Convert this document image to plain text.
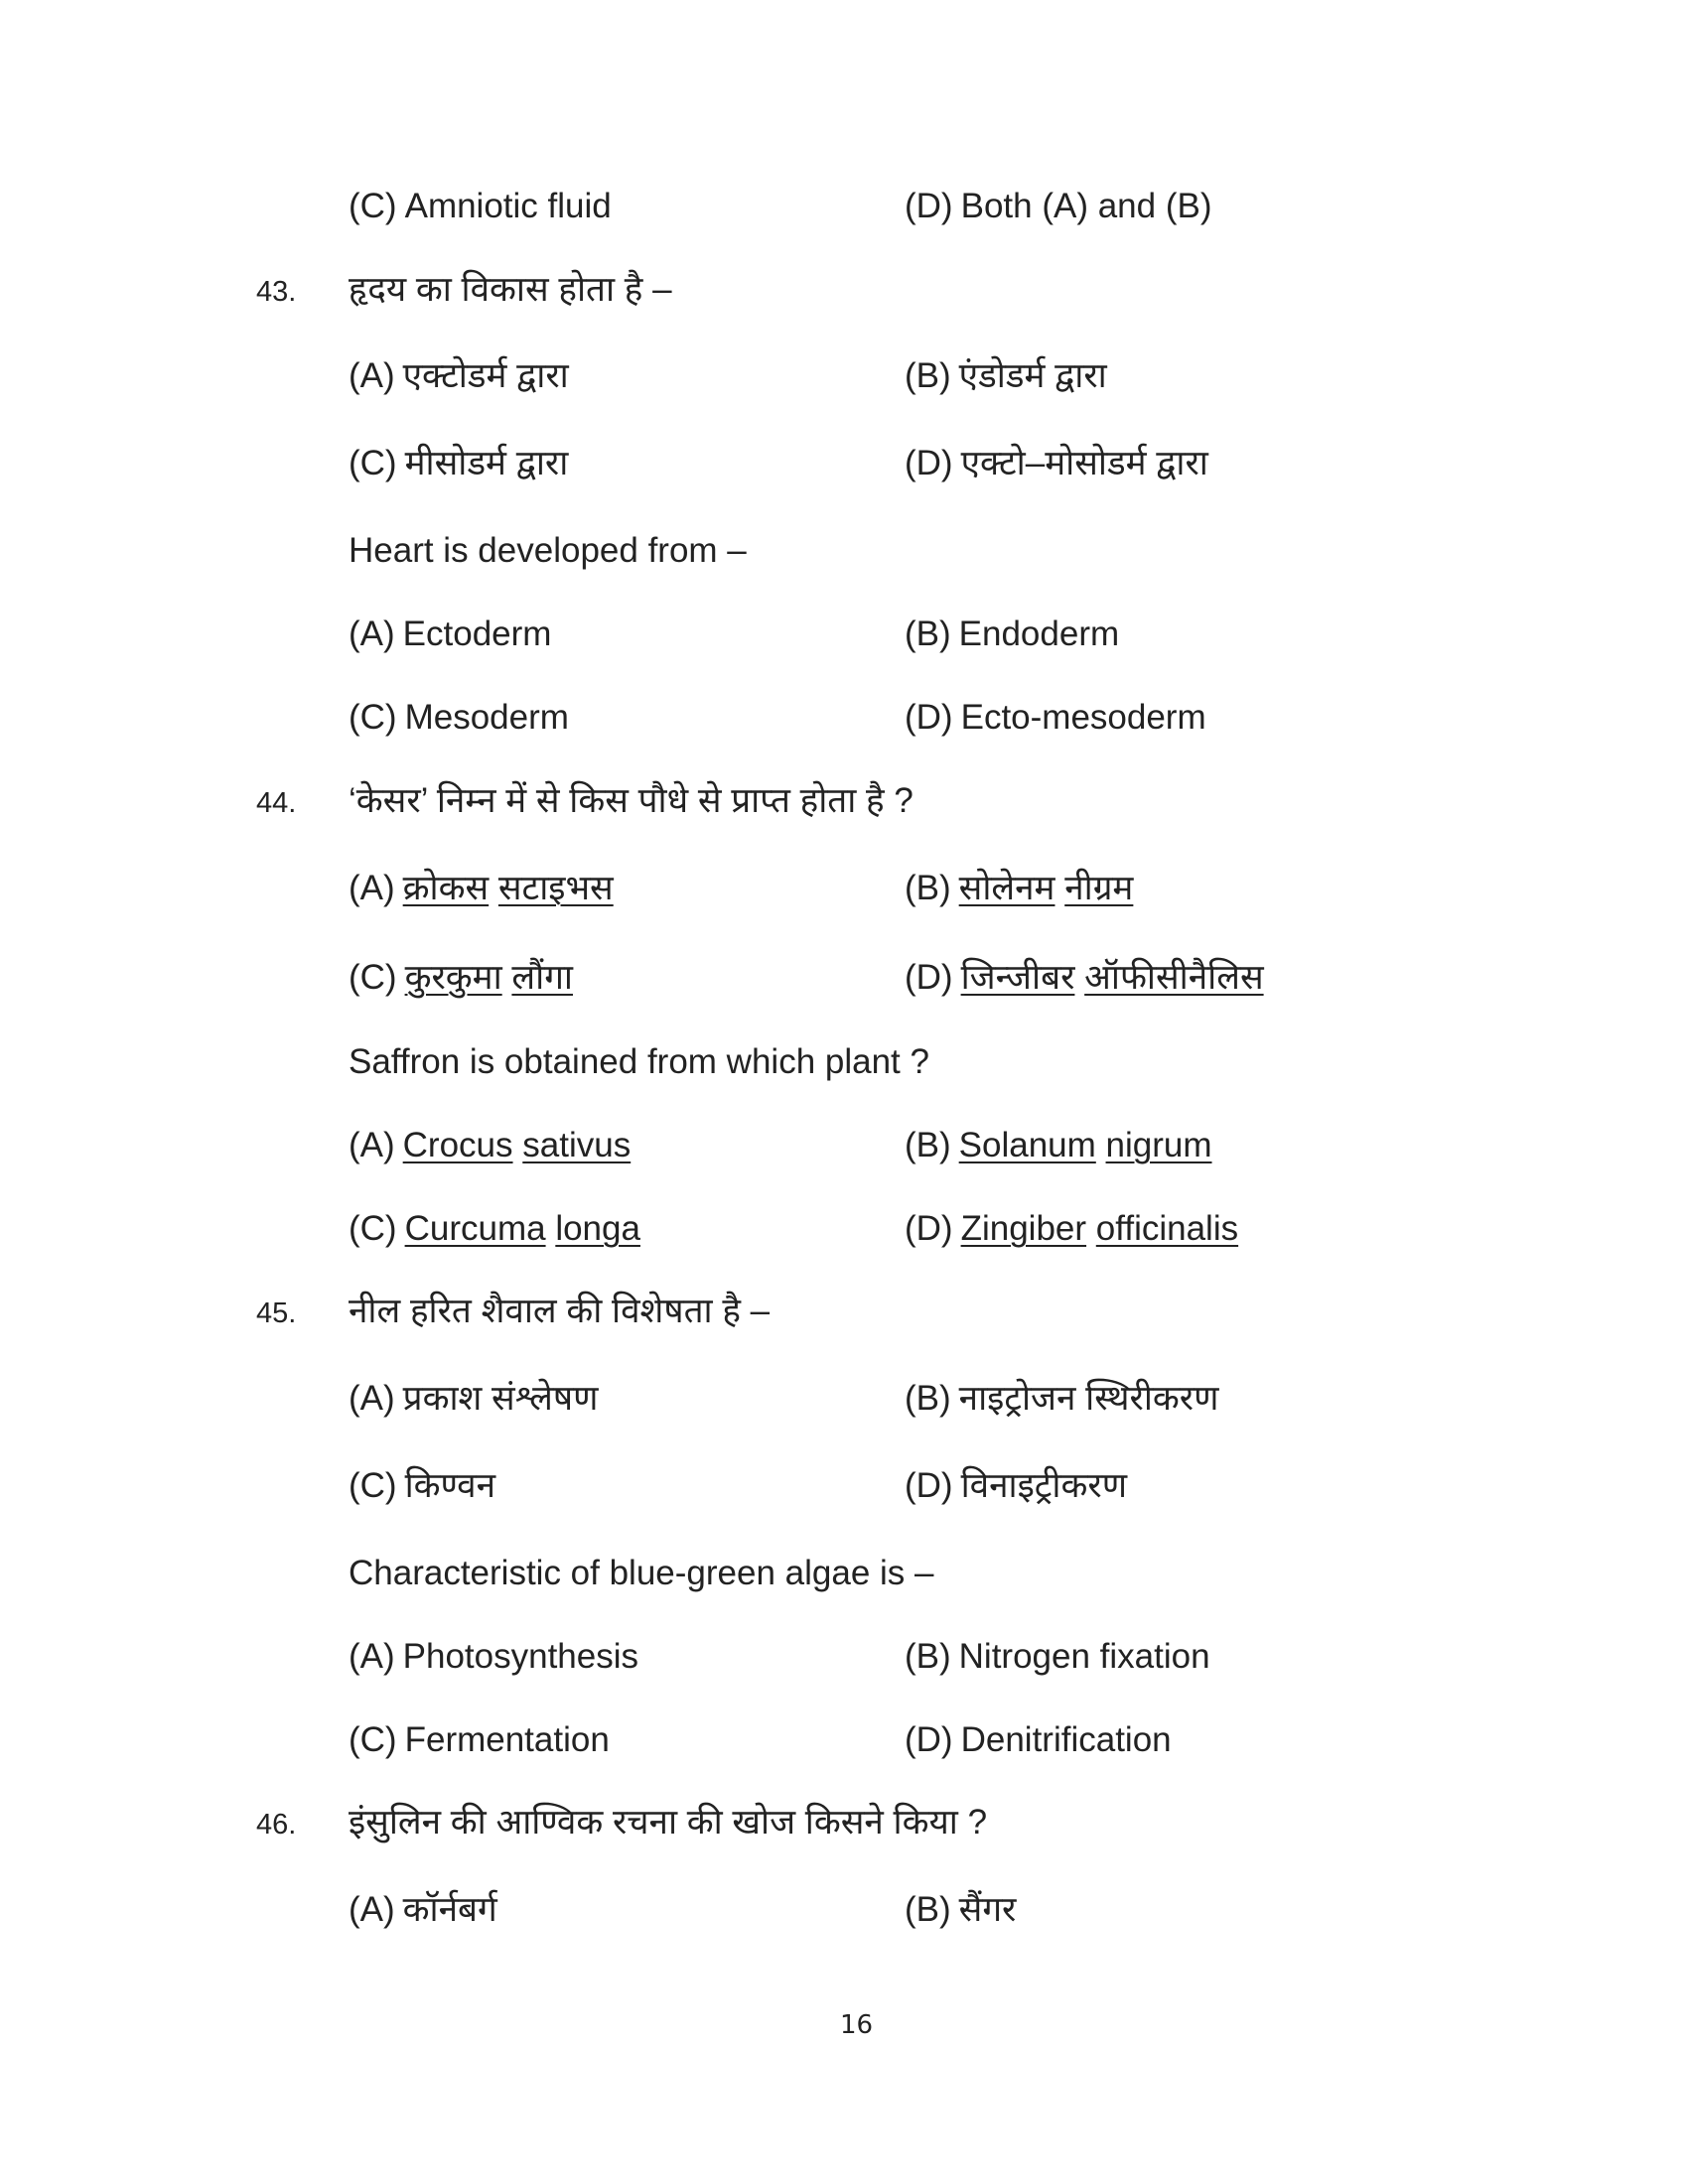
(C) Amniotic fluid	(D) Both (A) and (B)
43. हृदय का विकास होता है –
(A) एक्टोडर्म द्वारा	(B) एंडोडर्म द्वारा
(C) मीसोडर्म द्वारा	(D) एक्टो–मोसोडर्म द्वारा
Heart is developed from –
(A) Ectoderm	(B) Endoderm
(C) Mesoderm	(D) Ecto-mesoderm
44. ‘केसर’ निम्न में से किस पौधे से प्राप्त होता है ?
(A) क्रोकस सटाइभस	(B) सोलेनम नीग्रम
(C) कुरकुमा लौंगा	(D) जिन्जीबर ऑफीसीनैलिस
Saffron is obtained from which plant ?
(A) Crocus sativus	(B) Solanum nigrum
(C) Curcuma longa	(D) Zingiber officinalis
45. नील हरित शैवाल की विशेषता है –
(A) प्रकाश संश्लेषण	(B) नाइट्रोजन स्थिरीकरण
(C) किण्वन	(D) विनाइट्रीकरण
Characteristic of blue-green algae is –
(A) Photosynthesis	(B) Nitrogen fixation
(C) Fermentation	(D) Denitrification
46. इंसुलिन की आण्विक रचना की खोज किसने किया ?
(A) कॉर्नबर्ग	(B) सैंगर
16
